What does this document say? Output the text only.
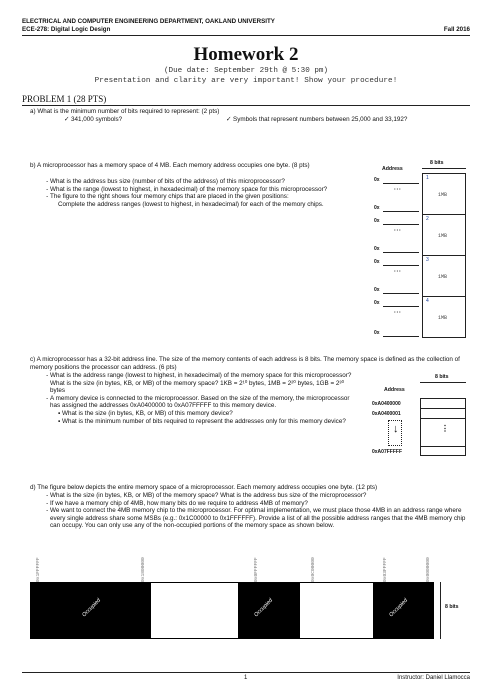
ELECTRICAL AND COMPUTER ENGINEERING DEPARTMENT, OAKLAND UNIVERSITY
ECE-278: Digital Logic Design	Fall 2016
Homework 2
(Due date: September 29th @ 5:30 pm)
Presentation and clarity are very important! Show your procedure!
PROBLEM 1 (28 PTS)
a) What is the minimum number of bits required to represent: (2 pts)
✓ 341,000 symbols?	✓ Symbols that represent numbers between 25,000 and 33,192?
b) A microprocessor has a memory space of 4 MB. Each memory address occupies one byte. (8 pts)
- What is the address bus size (number of bits of the address) of this microprocessor?
- What is the range (lowest to highest, in hexadecimal) of the memory space for this microprocessor?
- The figure to the right shows four memory chips that are placed in the given positions:
Complete the address ranges (lowest to highest, in hexadecimal) for each of the memory chips.
Address
8 bits
1
2
3
4
1MB
1MB
1MB
1MB
0x
···
0x
0x
···
0x
0x
···
0x
0x
···
0x
c) A microprocessor has a 32-bit address line. The size of the memory contents of each address is 8 bits. The memory space is defined as the collection of memory positions the processor can address. (6 pts)
- What is the address range (lowest to highest, in hexadecimal) of the memory space for this microprocessor? What is the size (in bytes, KB, or MB) of the memory space? 1KB = 2¹⁰ bytes, 1MB = 2²⁰ bytes, 1GB = 2³⁰ bytes
- A memory device is connected to the microprocessor. Based on the size of the memory, the microprocessor has assigned the addresses 0xA0400000 to 0xA07FFFFF to this memory device.
▪ What is the size (in bytes, KB, or MB) of this memory device?
▪ What is the minimum number of bits required to represent the addresses only for this memory device?
8 bits
Address
⋮
0xA0400000
0xA0400001
0xA07FFFFF
↓
d) The figure below depicts the entire memory space of a microprocessor. Each memory address occupies one byte. (12 pts)
- What is the size (in bytes, KB, or MB) of the memory space? What is the address bus size of the microprocessor?
- If we have a memory chip of 4MB, how many bits do we require to address 4MB of memory?
- We want to connect the 4MB memory chip to the microprocessor. For optimal implementation, we must place those 4MB in an address range where every single address share some MSBs (e.g.: 0x1C00000 to 0x1FFFFFF). Provide a list of all the possible address ranges that the 4MB memory chip can occupy. You can only use any of the non-occupied portions of the memory space as shown below.
0x1FFFFFF	0x1800000	0x0FFFFFF	0x0C00000	0x03FFFFF	0x0000000
Occupied	Occupied	Occupied	8 bits
1	Instructor: Daniel Llamocca
